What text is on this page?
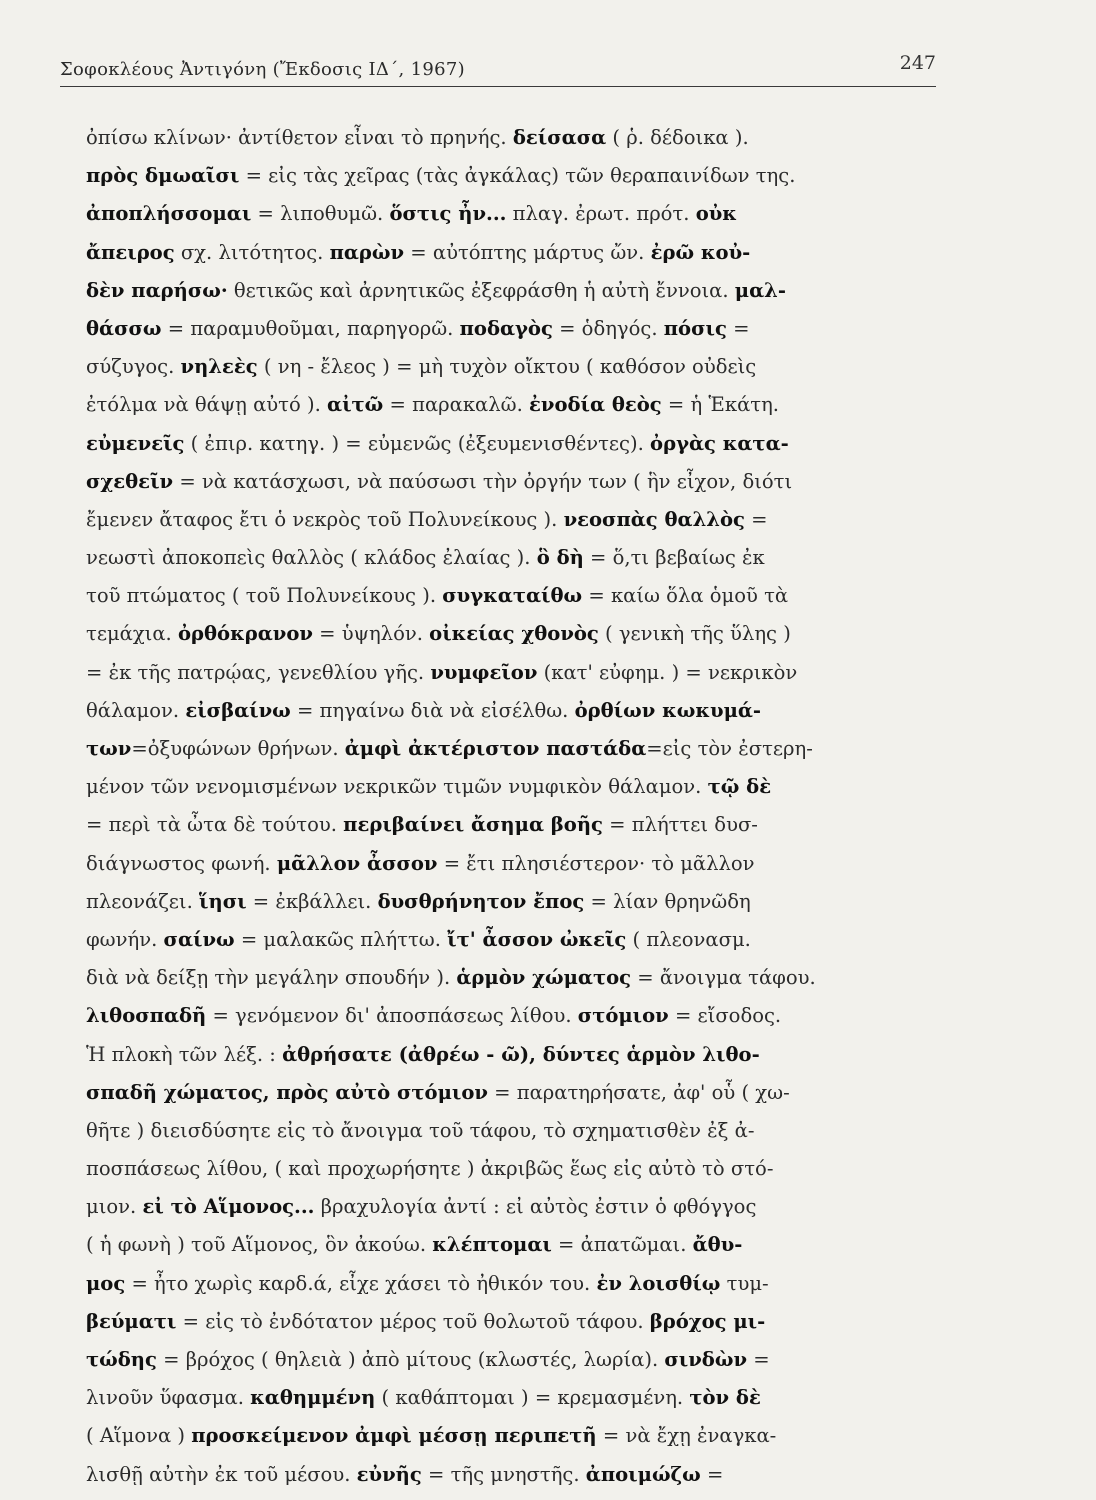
Σοφοκλέους Ἀντιγόνη (Ἔκδοσις ΙΔ΄, 1967)	247
ὀπίσω κλίνων· ἀντίθετον εἶναι τὸ πρηνής. δείσασα ( ῥ. δέδοικα ).
πρὸς δμωαῖσι = εἰς τὰς χεῖρας (τὰς ἀγκάλας) τῶν θεραπαινίδων της.
ἀποπλήσσομαι = λιποθυμῶ. ὅστις ἦν... πλαγ. ἐρωτ. πρότ. οὐκ
ἄπειρος σχ. λιτότητος. παρὼν = αὐτόπτης μάρτυς ὤν. ἐρῶ κοὐ-
δὲν παρήσω· θετικῶς καὶ ἀρνητικῶς ἐξεφράσθη ἡ αὐτὴ ἔννοια. μαλ-
θάσσω = παραμυθοῦμαι, παρηγορῶ. ποδαγὸς = ὁδηγός. πόσις =
σύζυγος. νηλεὲς ( νη - ἔλεος ) = μὴ τυχὸν οἴκτου ( καθόσον οὐδεὶς
ἐτόλμα νὰ θάψῃ αὐτό ). αἰτῶ = παρακαλῶ. ἐνοδία θεὸς = ἡ Ἑκάτη.
εὐμενεῖς ( ἐπιρ. κατηγ. ) = εὐμενῶς (ἐξευμενισθέντες). ὀργὰς κατα-
σχεθεῖν = νὰ κατάσχωσι, νὰ παύσωσι τὴν ὀργήν των ( ἣν εἶχον, διότι
ἔμενεν ἄταφος ἔτι ὁ νεκρὸς τοῦ Πολυνείκους ). νεοσπὰς θαλλὸς =
νεωστὶ ἀποκοπεὶς θαλλὸς ( κλάδος ἐλαίας ). ὃ δὴ = ὅ,τι βεβαίως ἐκ
τοῦ πτώματος ( τοῦ Πολυνείκους ). συγκαταίθω = καίω ὅλα ὁμοῦ τὰ
τεμάχια. ὀρθόκρανον = ὑψηλόν. οἰκείας χθονὸς ( γενικὴ τῆς ὕλης )
= ἐκ τῆς πατρῴας, γενεθλίου γῆς. νυμφεῖον (κατ' εὐφημ. ) = νεκρικὸν
θάλαμον. εἰσβαίνω = πηγαίνω διὰ νὰ εἰσέλθω. ὀρθίων κωκυμά-
των=ὀξυφώνων θρήνων. ἀμφὶ ἀκτέριστον παστάδα=εἰς τὸν ἐστερη-
μένον τῶν νενομισμένων νεκρικῶν τιμῶν νυμφικὸν θάλαμον. τῷ δὲ
= περὶ τὰ ὦτα δὲ τούτου. περιβαίνει ἄσημα βοῆς = πλήττει δυσ-
διάγνωστος φωνή. μᾶλλον ἆσσον = ἔτι πλησιέστερον· τὸ μᾶλλον
πλεονάζει. ἵησι = ἐκβάλλει. δυσθρήνητον ἔπος = λίαν θρηνῶδη
φωνήν. σαίνω = μαλακῶς πλήττω. ἴτ' ἆσσον ὠκεῖς ( πλεονασμ.
διὰ νὰ δείξῃ τὴν μεγάλην σπουδήν ). ἁρμὸν χώματος = ἄνοιγμα τάφου.
λιθοσπαδῆ = γενόμενον δι' ἀποσπάσεως λίθου. στόμιον = εἴσοδος.
Ἡ πλοκὴ τῶν λέξ. : ἀθρήσατε (ἀθρέω - ῶ), δύντες ἁρμὸν λιθο-
σπαδῆ χώματος, πρὸς αὐτὸ στόμιον = παρατηρήσατε, ἀφ' οὗ ( χω-
θῆτε ) διεισδύσητε εἰς τὸ ἄνοιγμα τοῦ τάφου, τὸ σχηματισθὲν ἐξ ἀ-
ποσπάσεως λίθου, ( καὶ προχωρήσητε ) ἀκριβῶς ἕως εἰς αὐτὸ τὸ στό-
μιον. εἰ τὸ Αἵμονος... βραχυλογία ἀντί : εἰ αὐτὸς ἐστιν ὁ φθόγγος
( ἡ φωνὴ ) τοῦ Αἵμονος, ὃν ἀκούω. κλέπτομαι = ἀπατῶμαι. ἄθυ-
μος = ἦτο χωρὶς καρδ.ά, εἶχε χάσει τὸ ἠθικόν του. ἐν λοισθίῳ τυμ-
βεύματι = εἰς τὸ ἐνδότατον μέρος τοῦ θολωτοῦ τάφου. βρόχος μι-
τώδης = βρόχος ( θηλειὰ ) ἀπὸ μίτους (κλωστές, λωρία). σινδὼν =
λινοῦν ὕφασμα. καθημμένη ( καθάπτομαι ) = κρεμασμένη. τὸν δὲ
( Αἵμονα ) προσκείμενον ἀμφὶ μέσσῃ περιπετῆ = νὰ ἔχῃ ἐναγκα-
λισθῇ αὐτὴν ἐκ τοῦ μέσου. εὐνῆς = τῆς μνηστῆς. ἀποιμώζω =
